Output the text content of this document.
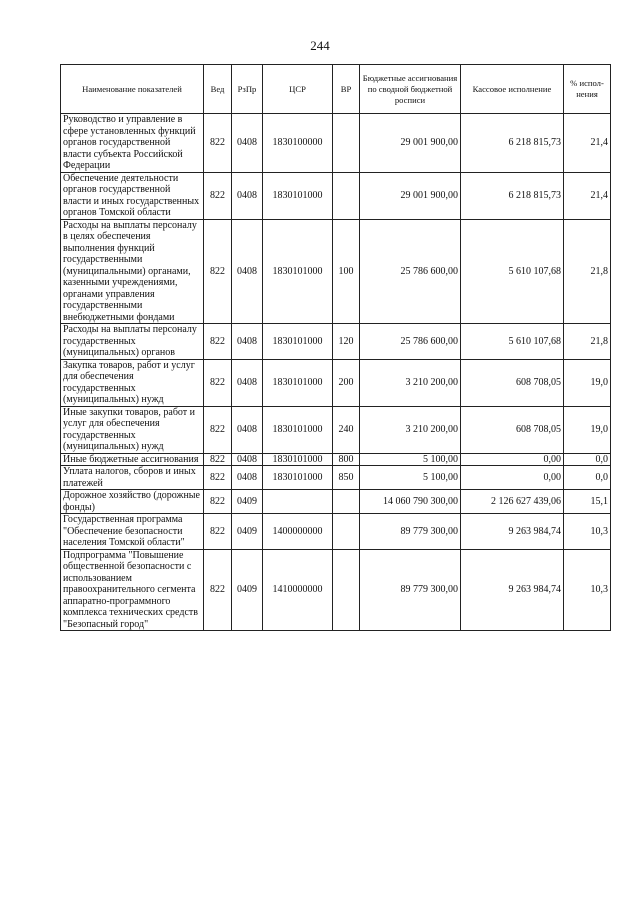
244
Наименование показателей	Вед	РзПр	ЦСР	ВР	Бюджетные ассигнования по сводной бюджетной росписи	Кассовое исполнение	% испол-нения
Руководство и управление в сфере установленных функций органов государственной власти субъекта Российской Федерации	822	0408	1830100000		29 001 900,00	6 218 815,73	21,4
Обеспечение деятельности органов государственной власти и иных государственных органов Томской области	822	0408	1830101000		29 001 900,00	6 218 815,73	21,4
Расходы на выплаты персоналу в целях обеспечения выполнения функций государственными (муниципальными) органами, казенными учреждениями, органами управления государственными внебюджетными фондами	822	0408	1830101000	100	25 786 600,00	5 610 107,68	21,8
Расходы на выплаты персоналу государственных (муниципальных) органов	822	0408	1830101000	120	25 786 600,00	5 610 107,68	21,8
Закупка товаров, работ и услуг для обеспечения государственных (муниципальных) нужд	822	0408	1830101000	200	3 210 200,00	608 708,05	19,0
Иные закупки товаров, работ и услуг для обеспечения государственных (муниципальных) нужд	822	0408	1830101000	240	3 210 200,00	608 708,05	19,0
Иные бюджетные ассигнования	822	0408	1830101000	800	5 100,00	0,00	0,0
Уплата налогов, сборов и иных платежей	822	0408	1830101000	850	5 100,00	0,00	0,0
Дорожное хозяйство (дорожные фонды)	822	0409			14 060 790 300,00	2 126 627 439,06	15,1
Государственная программа "Обеспечение безопасности населения Томской области"	822	0409	1400000000		89 779 300,00	9 263 984,74	10,3
Подпрограмма "Повышение общественной безопасности с использованием правоохранительного сегмента аппаратно-программного комплекса технических средств "Безопасный город"	822	0409	1410000000		89 779 300,00	9 263 984,74	10,3
